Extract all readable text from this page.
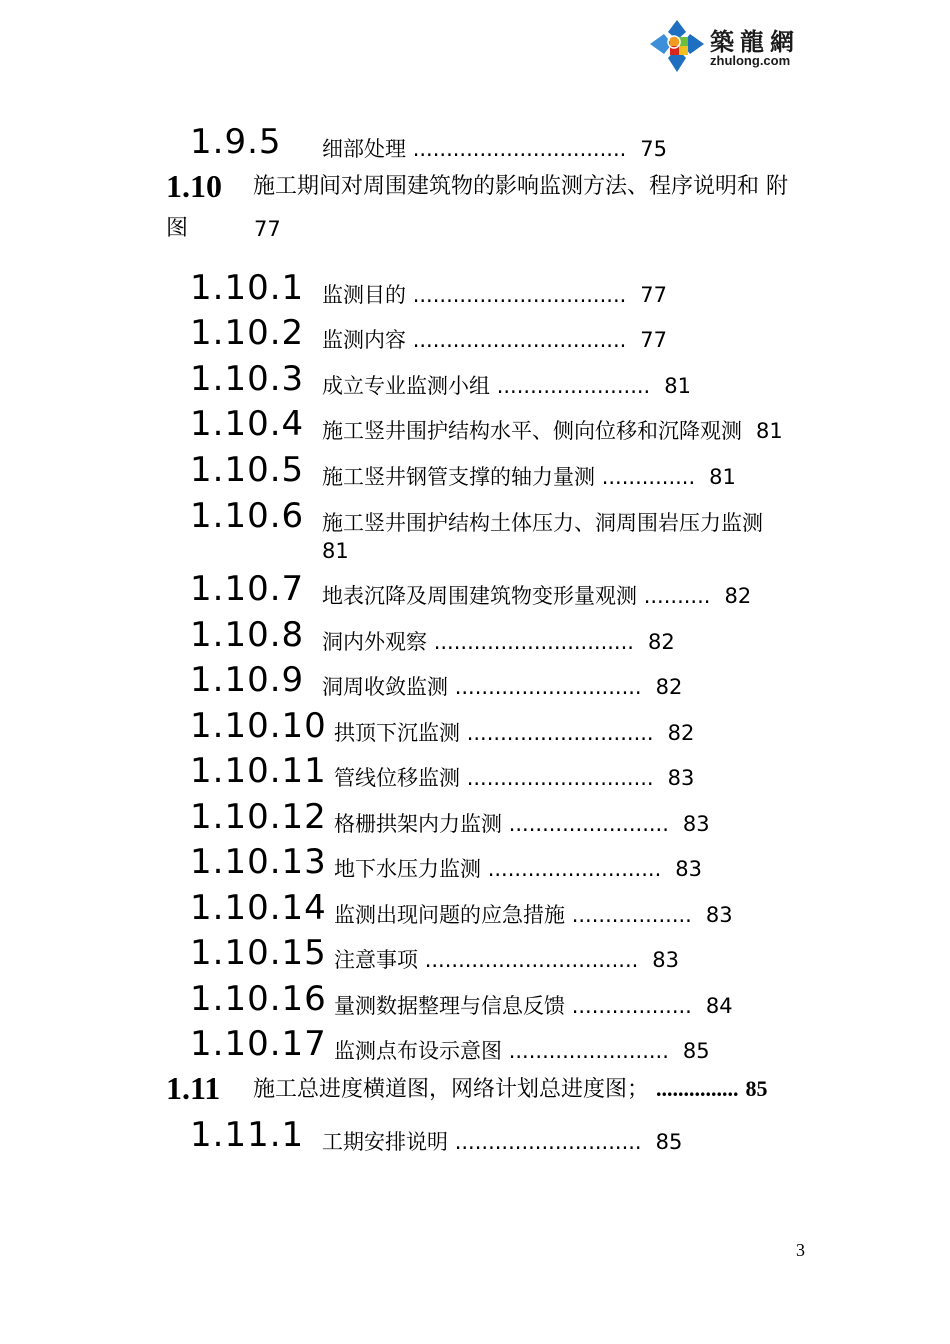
築龍網
zhulong.com
1.9.5 细部处理 ................................ 75
1.10 施工期间对周围建筑物的影响监测方法、程序说明和 附
图	77
1.10.1 监测目的 ................................ 77
1.10.2 监测内容 ................................ 77
1.10.3 成立专业监测小组 ....................... 81
1.10.4 施工竖井围护结构水平、侧向位移和沉降观测 81
1.10.5 施工竖井钢管支撑的轴力量测 .............. 81
1.10.6 施工竖井围护结构土体压力、洞周围岩压力监测
81
1.10.7 地表沉降及周围建筑物变形量观测 .......... 82
1.10.8 洞内外观察 .............................. 82
1.10.9 洞周收敛监测 ............................ 82
1.10.10 拱顶下沉监测 ............................ 82
1.10.11 管线位移监测 ............................ 83
1.10.12 格栅拱架内力监测 ........................ 83
1.10.13 地下水压力监测 .......................... 83
1.10.14 监测出现问题的应急措施 .................. 83
1.10.15 注意事项 ................................ 83
1.10.16 量测数据整理与信息反馈 .................. 84
1.10.17 监测点布设示意图 ........................ 85
1.11 施工总进度横道图，网络计划总进度图； ............... 85
1.11.1 工期安排说明 ............................ 85
3
